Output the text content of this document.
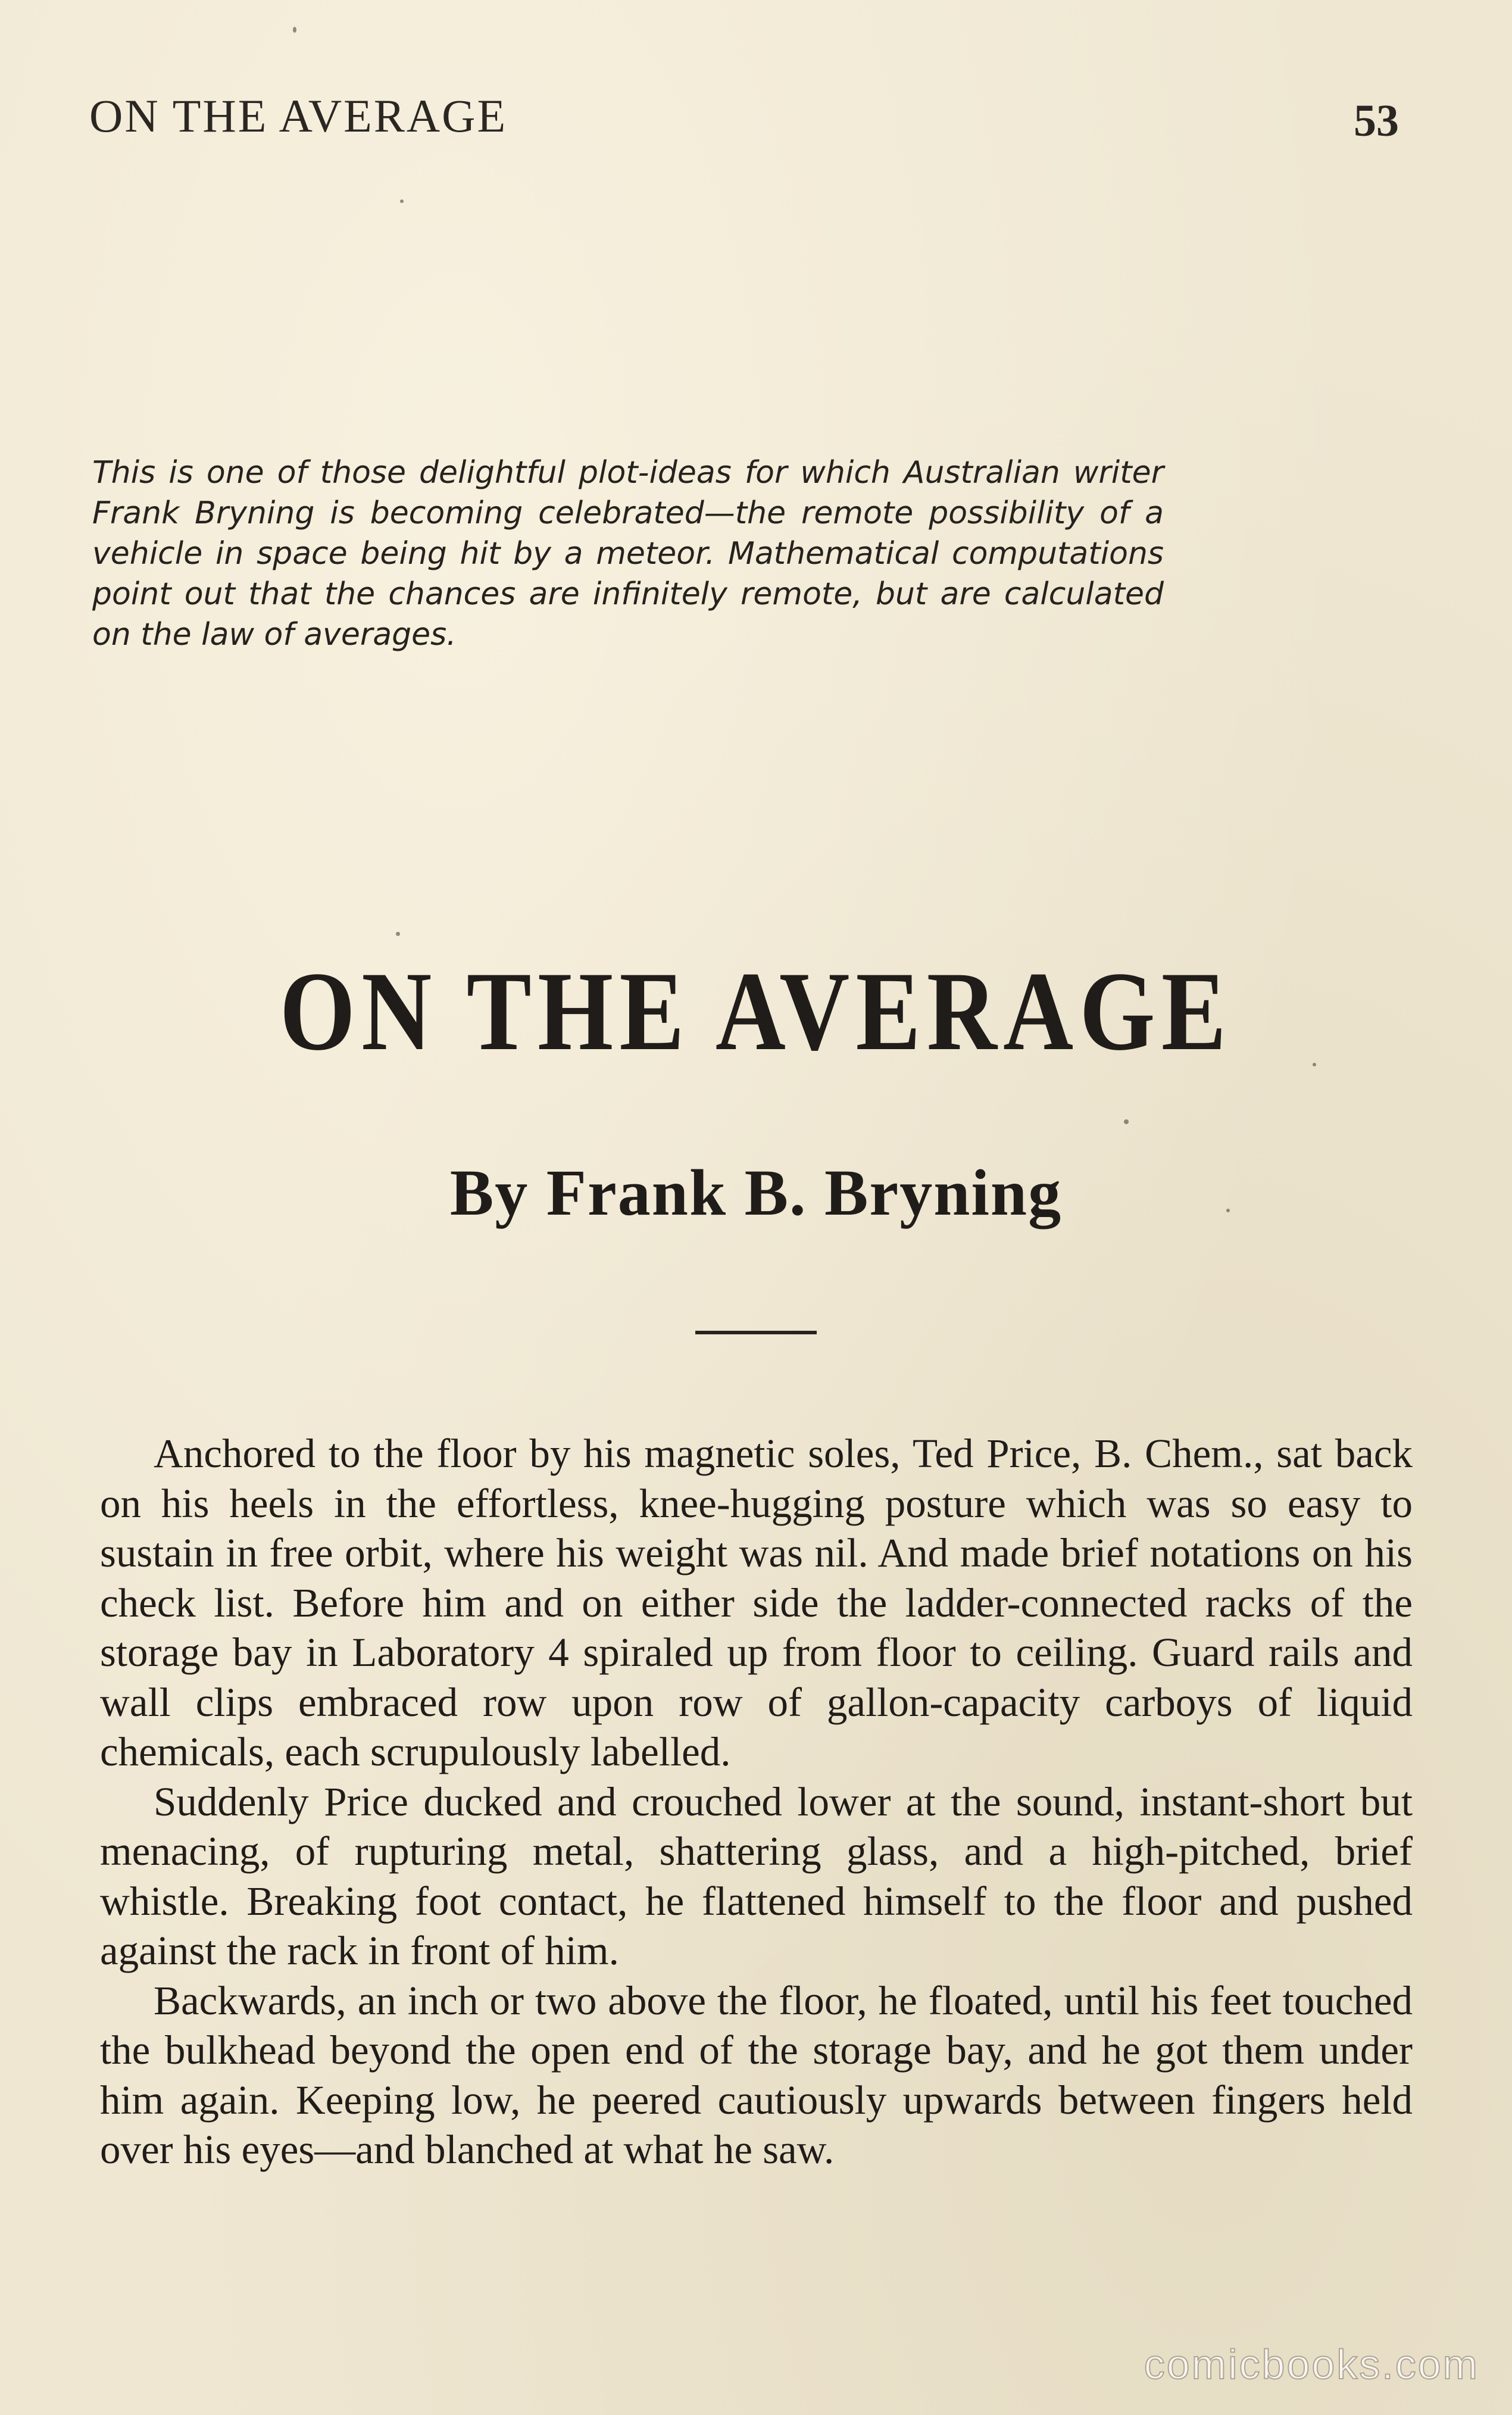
ON THE AVERAGE	53
This is one of those delightful plot-ideas for which Australian writer Frank Bryning is becoming celebrated—the remote possibility of a vehicle in space being hit by a meteor. Mathematical computations point out that the chances are infinitely remote, but are calculated on the law of averages.
ON THE AVERAGE
By Frank B. Bryning

Anchored to the floor by his magnetic soles, Ted Price, B. Chem., sat back on his heels in the effortless, knee-hugging posture which was so easy to sustain in free orbit, where his weight was nil. And made brief notations on his check list. Before him and on either side the ladder-connected racks of the storage bay in Laboratory 4 spiraled up from floor to ceiling. Guard rails and wall clips embraced row upon row of gallon-capacity carboys of liquid chemicals, each scrupulously labelled.

Suddenly Price ducked and crouched lower at the sound, instant-short but menacing, of rupturing metal, shattering glass, and a high-pitched, brief whistle. Breaking foot contact, he flattened himself to the floor and pushed against the rack in front of him.

Backwards, an inch or two above the floor, he floated, until his feet touched the bulkhead beyond the open end of the storage bay, and he got them under him again. Keeping low, he peered cautiously upwards between fingers held over his eyes—and blanched at what he saw.

comicbooks.com
